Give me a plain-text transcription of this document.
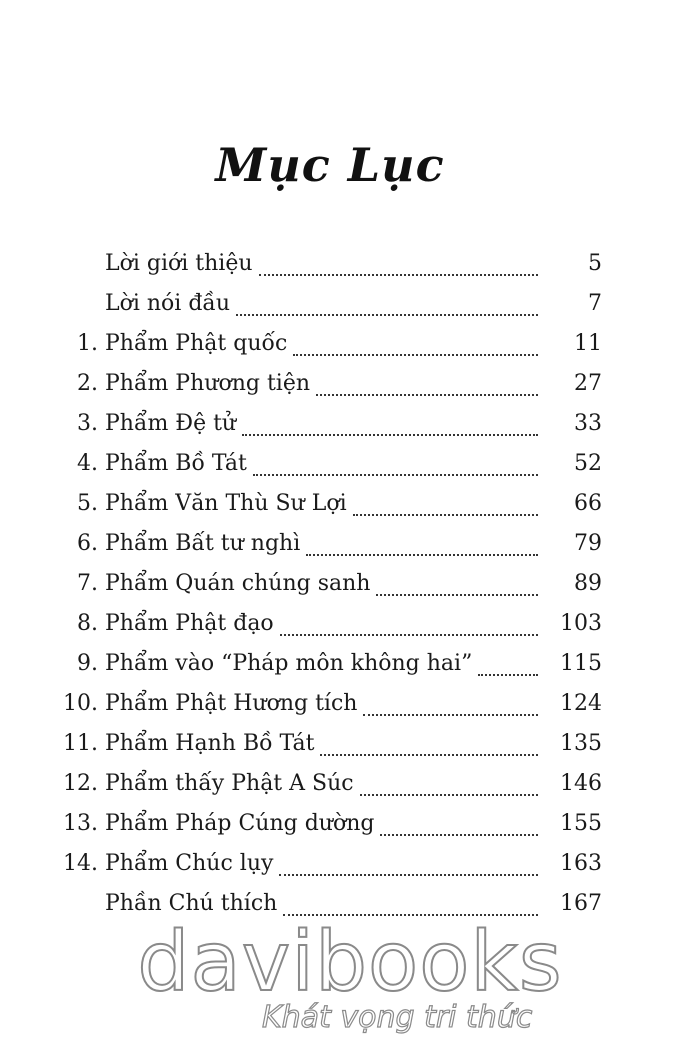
Mục Lục
Lời giới thiệu	5
Lời nói đầu	7
1. Phẩm Phật quốc	11
2. Phẩm Phương tiện	27
3. Phẩm Đệ tử	33
4. Phẩm Bồ Tát	52
5. Phẩm Văn Thù Sư Lợi	66
6. Phẩm Bất tư nghì	79
7. Phẩm Quán chúng sanh	89
8. Phẩm Phật đạo	103
9. Phẩm vào “Pháp môn không hai”	115
10. Phẩm Phật Hương tích	124
11. Phẩm Hạnh Bồ Tát	135
12. Phẩm thấy Phật A Súc	146
13. Phẩm Pháp Cúng dường	155
14. Phẩm Chúc lụy	163
Phần Chú thích	167
davibooks
Khát vọng tri thức
